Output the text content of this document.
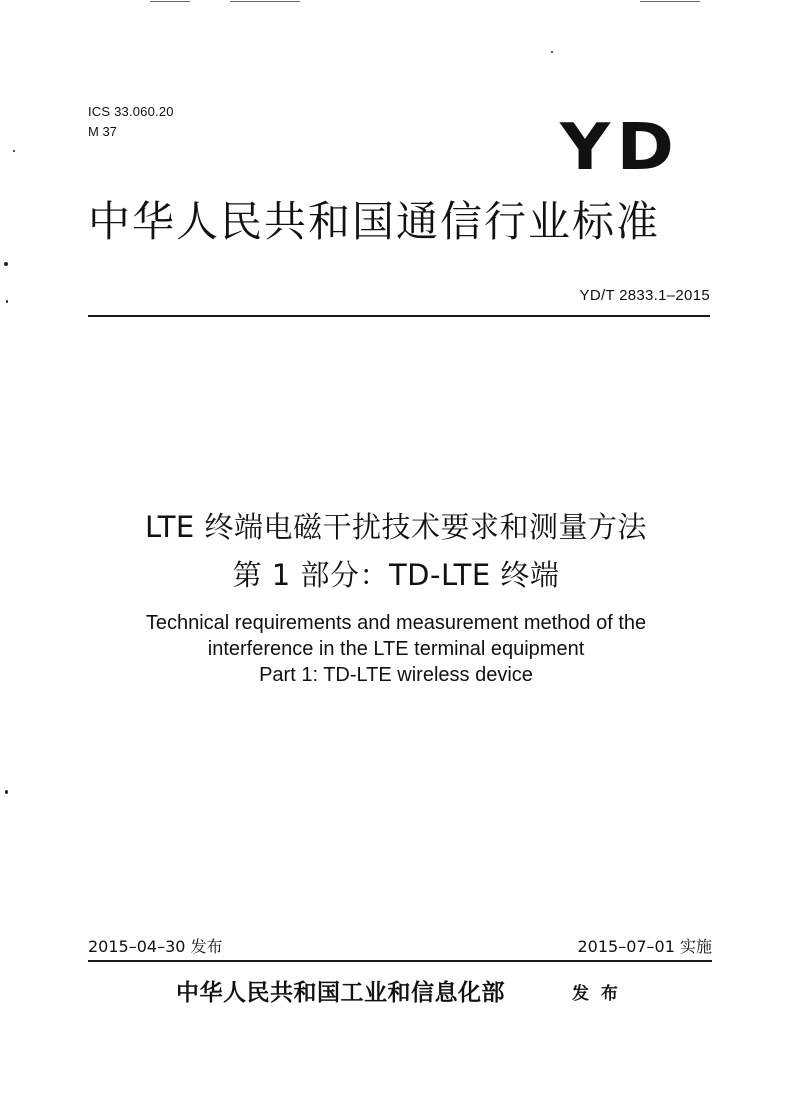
ICS 33.060.20
M 37	YD
中华人民共和国通信行业标准
YD/T 2833.1–2015
LTE 终端电磁干扰技术要求和测量方法
第 1 部分：TD-LTE 终端
Technical requirements and measurement method of the
interference in the LTE terminal equipment
Part 1: TD-LTE wireless device
2015–04–30 发布	2015–07–01 实施
中华人民共和国工业和信息化部	发 布
